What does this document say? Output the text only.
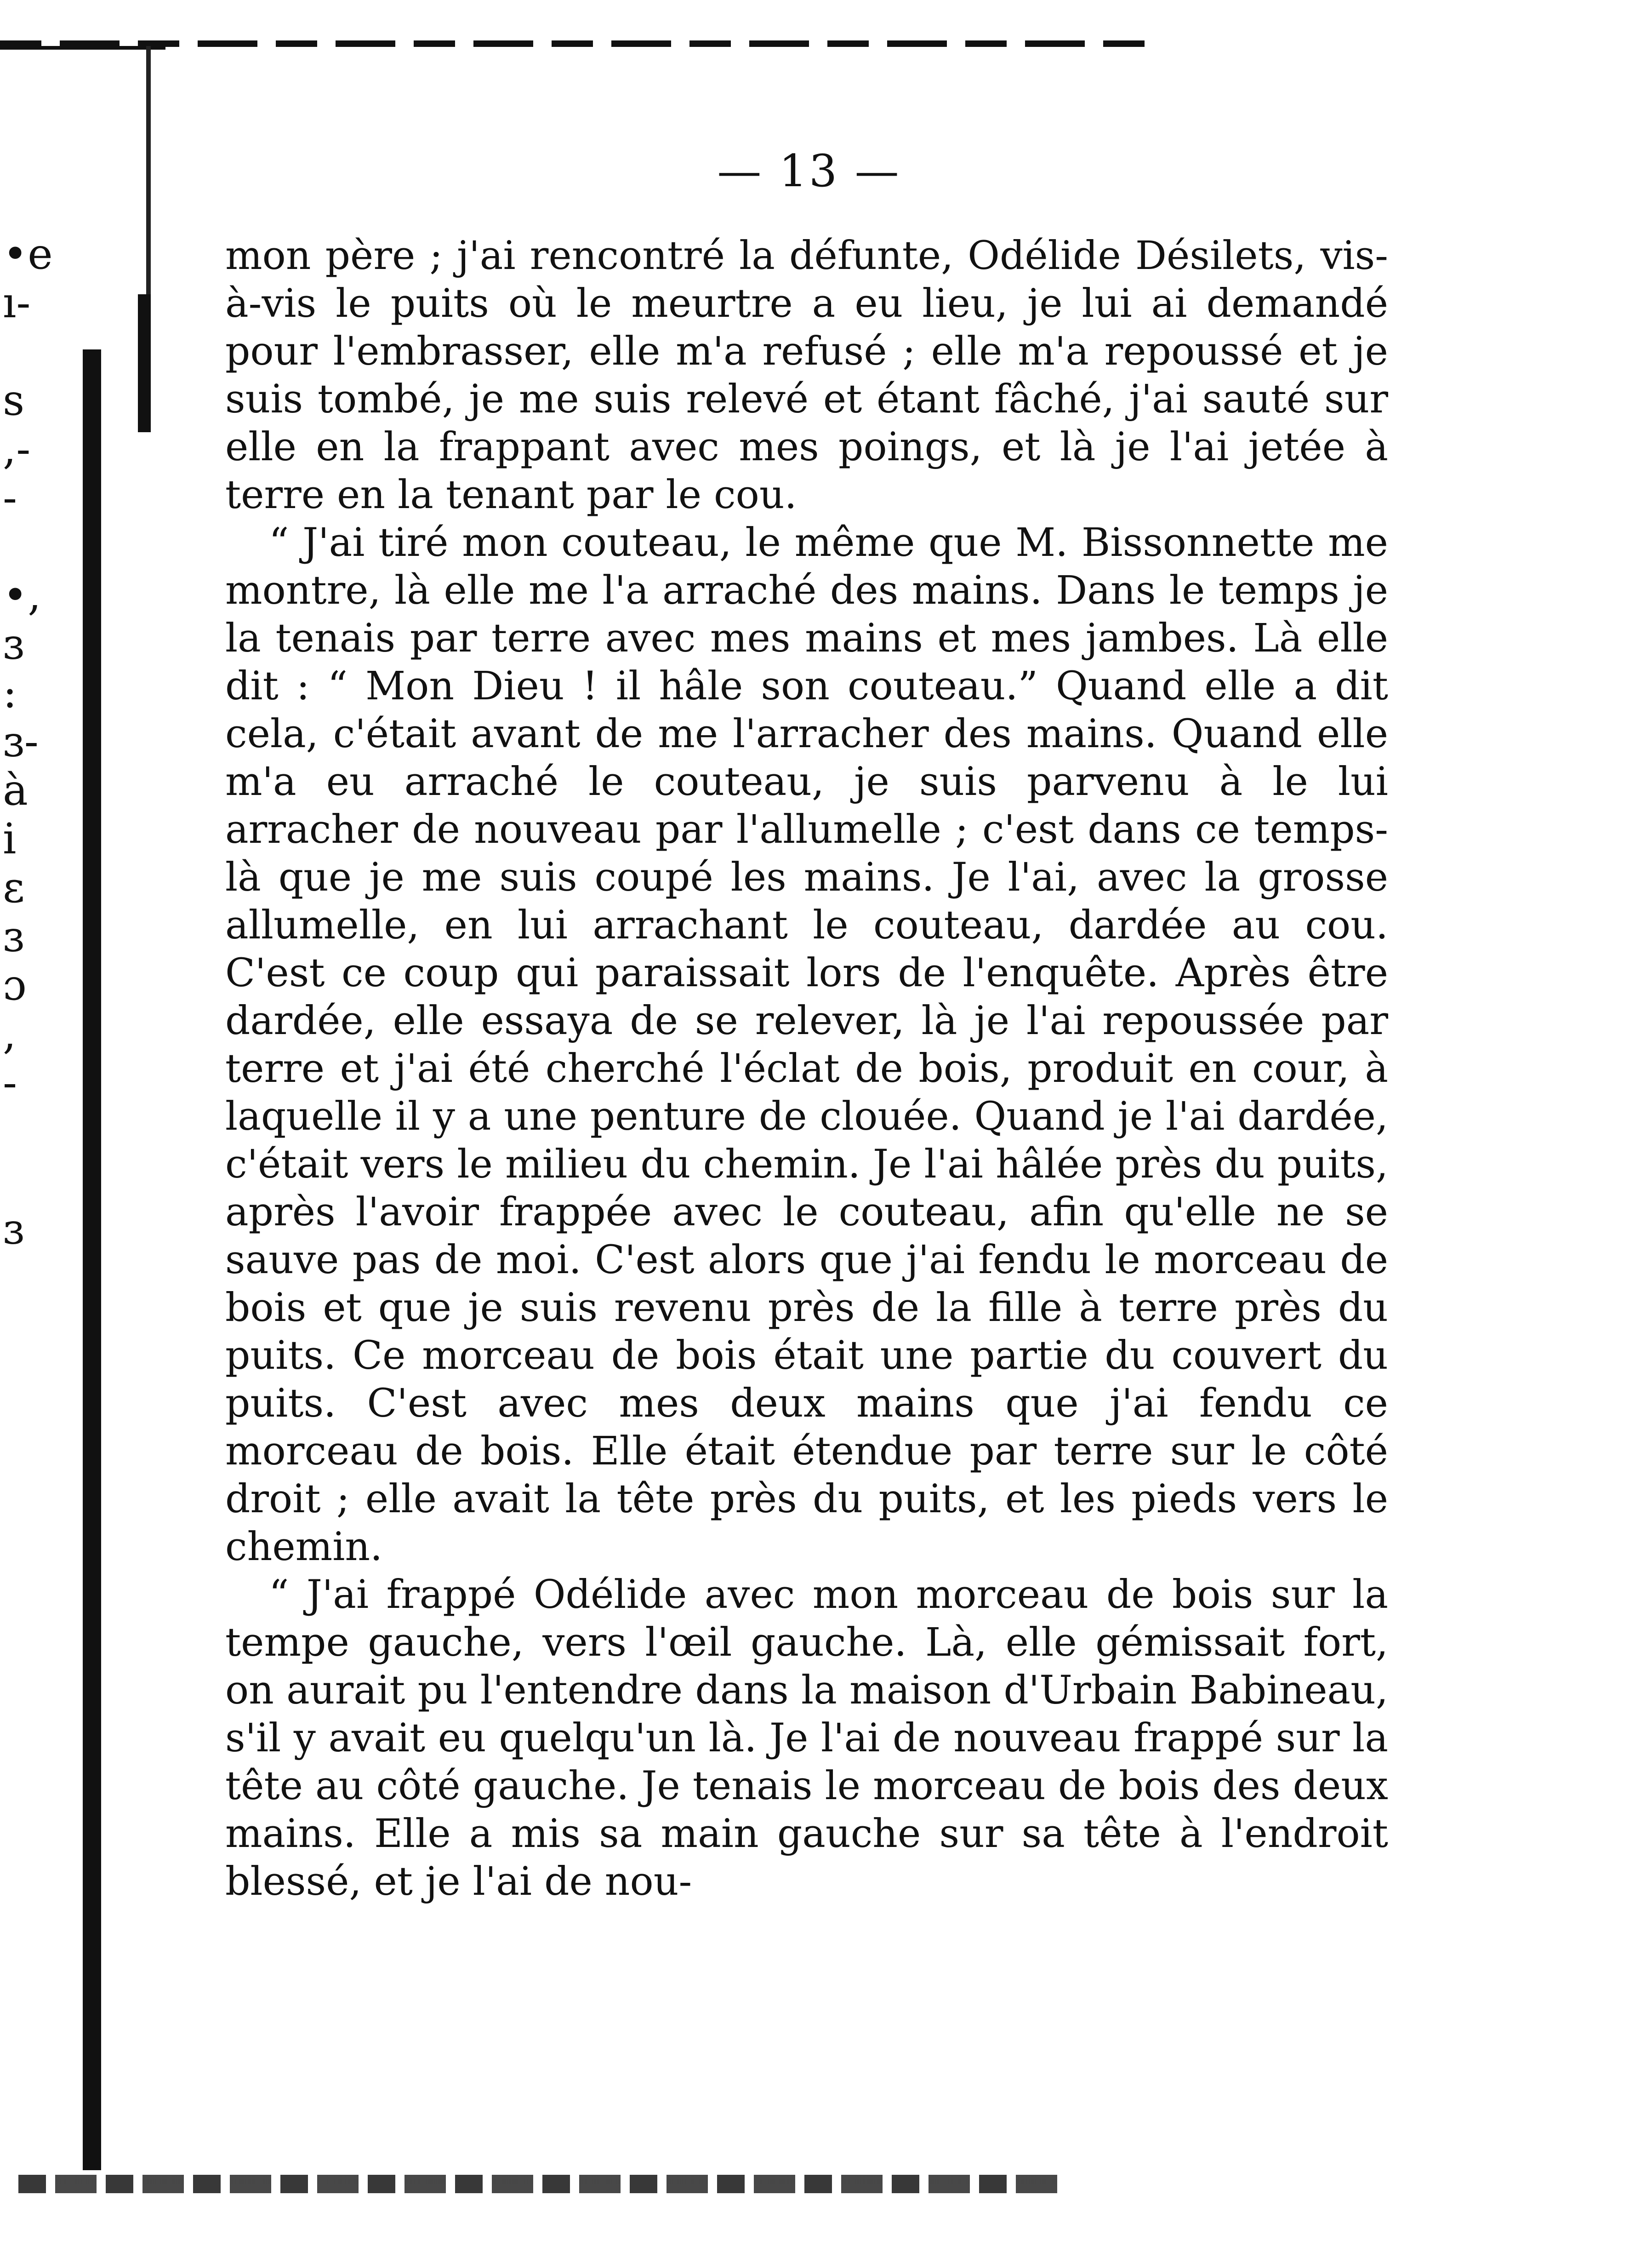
•e
ı-

s
,-
-

•,
ɜ
:
ɜ-
à
i
ɛ
ɜ
ɔ
,
-

ɜ
— 13 —

mon père ; j'ai rencontré la défunte, Odélide Désilets, vis-à-vis le puits où le meurtre a eu lieu, je lui ai demandé pour l'embrasser, elle m'a refusé ; elle m'a repoussé et je suis tombé, je me suis relevé et étant fâché, j'ai sauté sur elle en la frappant avec mes poings, et là je l'ai jetée à terre en la tenant par le cou.

“ J'ai tiré mon couteau, le même que M. Bissonnette me montre, là elle me l'a arraché des mains. Dans le temps je la tenais par terre avec mes mains et mes jambes. Là elle dit : “ Mon Dieu ! il hâle son couteau.” Quand elle a dit cela, c'était avant de me l'arracher des mains. Quand elle m'a eu arraché le couteau, je suis parvenu à le lui arracher de nouveau par l'allumelle ; c'est dans ce temps-là que je me suis coupé les mains. Je l'ai, avec la grosse allumelle, en lui arrachant le couteau, dardée au cou. C'est ce coup qui paraissait lors de l'enquête. Après être dardée, elle essaya de se relever, là je l'ai repoussée par terre et j'ai été cherché l'éclat de bois, produit en cour, à laquelle il y a une penture de clouée. Quand je l'ai dardée, c'était vers le milieu du chemin. Je l'ai hâlée près du puits, après l'avoir frappée avec le couteau, afin qu'elle ne se sauve pas de moi. C'est alors que j'ai fendu le morceau de bois et que je suis revenu près de la fille à terre près du puits. Ce morceau de bois était une partie du couvert du puits. C'est avec mes deux mains que j'ai fendu ce morceau de bois. Elle était étendue par terre sur le côté droit ; elle avait la tête près du puits, et les pieds vers le chemin.

“ J'ai frappé Odélide avec mon morceau de bois sur la tempe gauche, vers l'œil gauche. Là, elle gémissait fort, on aurait pu l'entendre dans la maison d'Urbain Babineau, s'il y avait eu quelqu'un là. Je l'ai de nouveau frappé sur la tête au côté gauche. Je tenais le morceau de bois des deux mains. Elle a mis sa main gauche sur sa tête à l'endroit blessé, et je l'ai de nou-
